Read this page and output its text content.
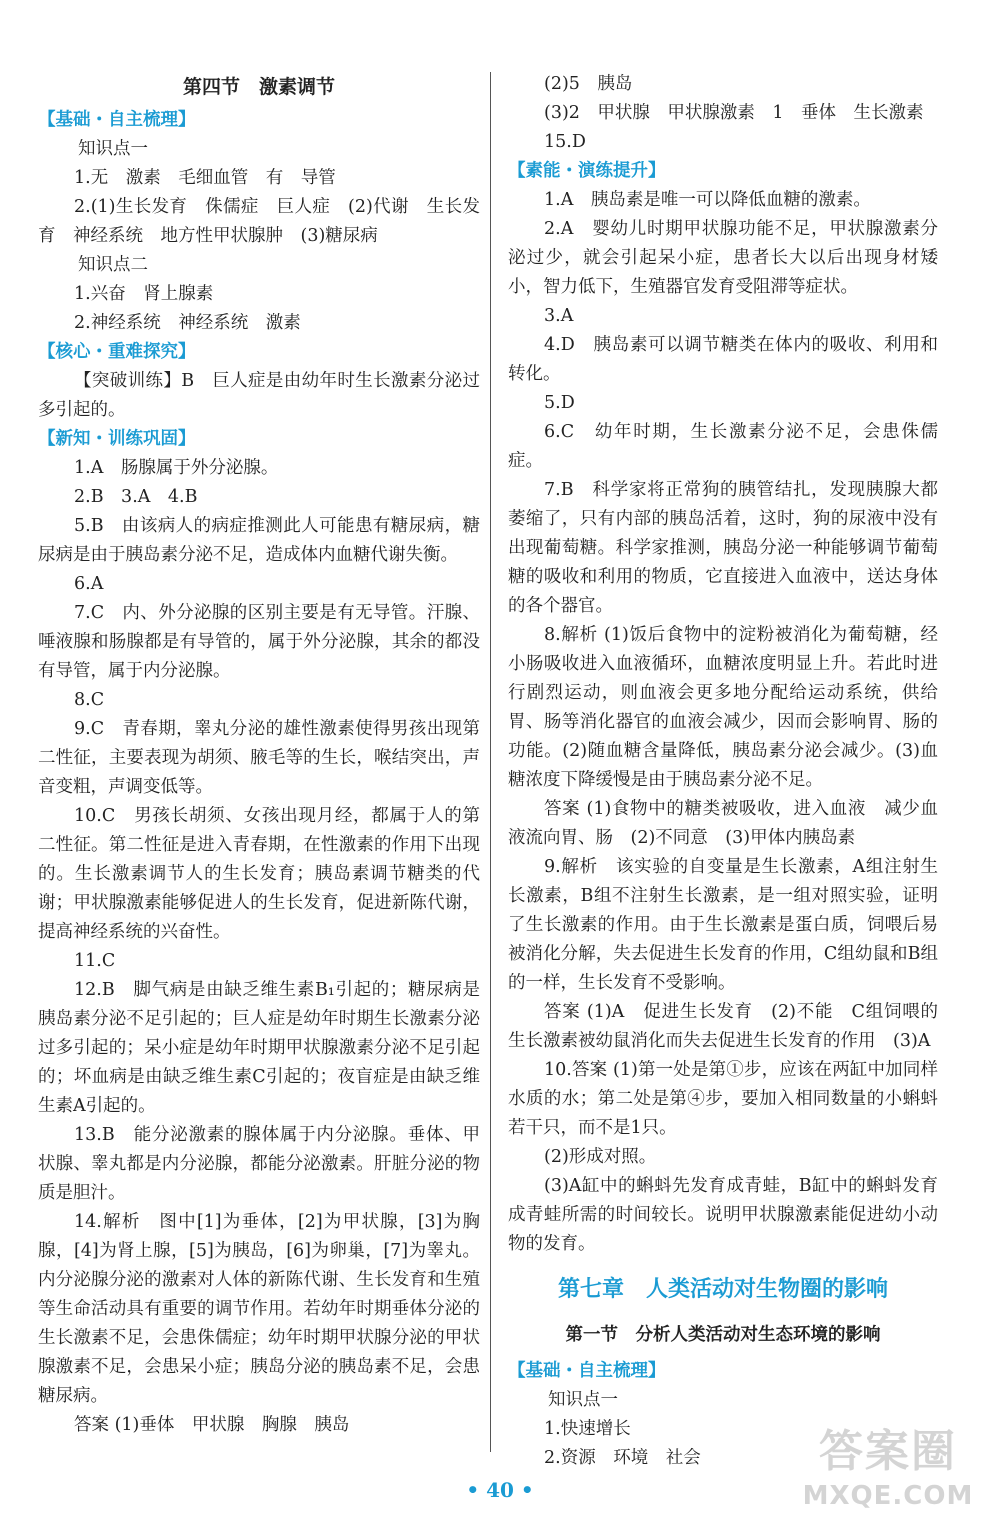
第四节　激素调节

【基础・自主梳理】

知识点一

1.无　激素　毛细血管　有　导管

2.(1)生长发育　侏儒症　巨人症　(2)代谢　生长发育　神经系统　地方性甲状腺肿　(3)糖尿病

知识点二

1.兴奋　肾上腺素

2.神经系统　神经系统　激素

【核心・重难探究】

【突破训练】B　巨人症是由幼年时生长激素分泌过多引起的。

【新知・训练巩固】

1.A　肠腺属于外分泌腺。

2.B　3.A　4.B

5.B　由该病人的病症推测此人可能患有糖尿病，糖尿病是由于胰岛素分泌不足，造成体内血糖代谢失衡。

6.A

7.C　内、外分泌腺的区别主要是有无导管。汗腺、唾液腺和肠腺都是有导管的，属于外分泌腺，其余的都没有导管，属于内分泌腺。

8.C

9.C　青春期，睾丸分泌的雄性激素使得男孩出现第二性征，主要表现为胡须、腋毛等的生长，喉结突出，声音变粗，声调变低等。

10.C　男孩长胡须、女孩出现月经，都属于人的第二性征。第二性征是进入青春期，在性激素的作用下出现的。生长激素调节人的生长发育；胰岛素调节糖类的代谢；甲状腺激素能够促进人的生长发育，促进新陈代谢，提高神经系统的兴奋性。

11.C

12.B　脚气病是由缺乏维生素B₁引起的；糖尿病是胰岛素分泌不足引起的；巨人症是幼年时期生长激素分泌过多引起的；呆小症是幼年时期甲状腺激素分泌不足引起的；坏血病是由缺乏维生素C引起的；夜盲症是由缺乏维生素A引起的。

13.B　能分泌激素的腺体属于内分泌腺。垂体、甲状腺、睾丸都是内分泌腺，都能分泌激素。肝脏分泌的物质是胆汁。

14.解析　图中[1]为垂体，[2]为甲状腺，[3]为胸腺，[4]为肾上腺，[5]为胰岛，[6]为卵巢，[7]为睾丸。内分泌腺分泌的激素对人体的新陈代谢、生长发育和生殖等生命活动具有重要的调节作用。若幼年时期垂体分泌的生长激素不足，会患侏儒症；幼年时期甲状腺分泌的甲状腺激素不足，会患呆小症；胰岛分泌的胰岛素不足，会患糖尿病。

答案 (1)垂体　甲状腺　胸腺　胰岛

(2)5　胰岛

(3)2　甲状腺　甲状腺激素　1　垂体　生长激素

15.D

【素能・演练提升】

1.A　胰岛素是唯一可以降低血糖的激素。

2.A　婴幼儿时期甲状腺功能不足，甲状腺激素分泌过少，就会引起呆小症，患者长大以后出现身材矮小，智力低下，生殖器官发育受阻滞等症状。

3.A

4.D　胰岛素可以调节糖类在体内的吸收、利用和转化。

5.D

6.C　幼年时期，生长激素分泌不足，会患侏儒症。

7.B　科学家将正常狗的胰管结扎，发现胰腺大都萎缩了，只有内部的胰岛活着，这时，狗的尿液中没有出现葡萄糖。科学家推测，胰岛分泌一种能够调节葡萄糖的吸收和利用的物质，它直接进入血液中，送达身体的各个器官。

8.解析 (1)饭后食物中的淀粉被消化为葡萄糖，经小肠吸收进入血液循环，血糖浓度明显上升。若此时进行剧烈运动，则血液会更多地分配给运动系统，供给胃、肠等消化器官的血液会减少，因而会影响胃、肠的功能。(2)随血糖含量降低，胰岛素分泌会减少。(3)血糖浓度下降缓慢是由于胰岛素分泌不足。

答案 (1)食物中的糖类被吸收，进入血液　减少血液流向胃、肠　(2)不同意　(3)甲体内胰岛素

9.解析　该实验的自变量是生长激素，A组注射生长激素，B组不注射生长激素，是一组对照实验，证明了生长激素的作用。由于生长激素是蛋白质，饲喂后易被消化分解，失去促进生长发育的作用，C组幼鼠和B组的一样，生长发育不受影响。

答案 (1)A　促进生长发育　(2)不能　C组饲喂的生长激素被幼鼠消化而失去促进生长发育的作用　(3)A

10.答案 (1)第一处是第①步，应该在两缸中加同样水质的水；第二处是第④步，要加入相同数量的小蝌蚪若干只，而不是1只。

(2)形成对照。

(3)A缸中的蝌蚪先发育成青蛙，B缸中的蝌蚪发育成青蛙所需的时间较长。说明甲状腺激素能促进幼小动物的发育。

第七章　人类活动对生物圈的影响

第一节　分析人类活动对生态环境的影响

【基础・自主梳理】

知识点一

1.快速增长

2.资源　环境　社会

• 40 •
答案圈
MXQE.COM
